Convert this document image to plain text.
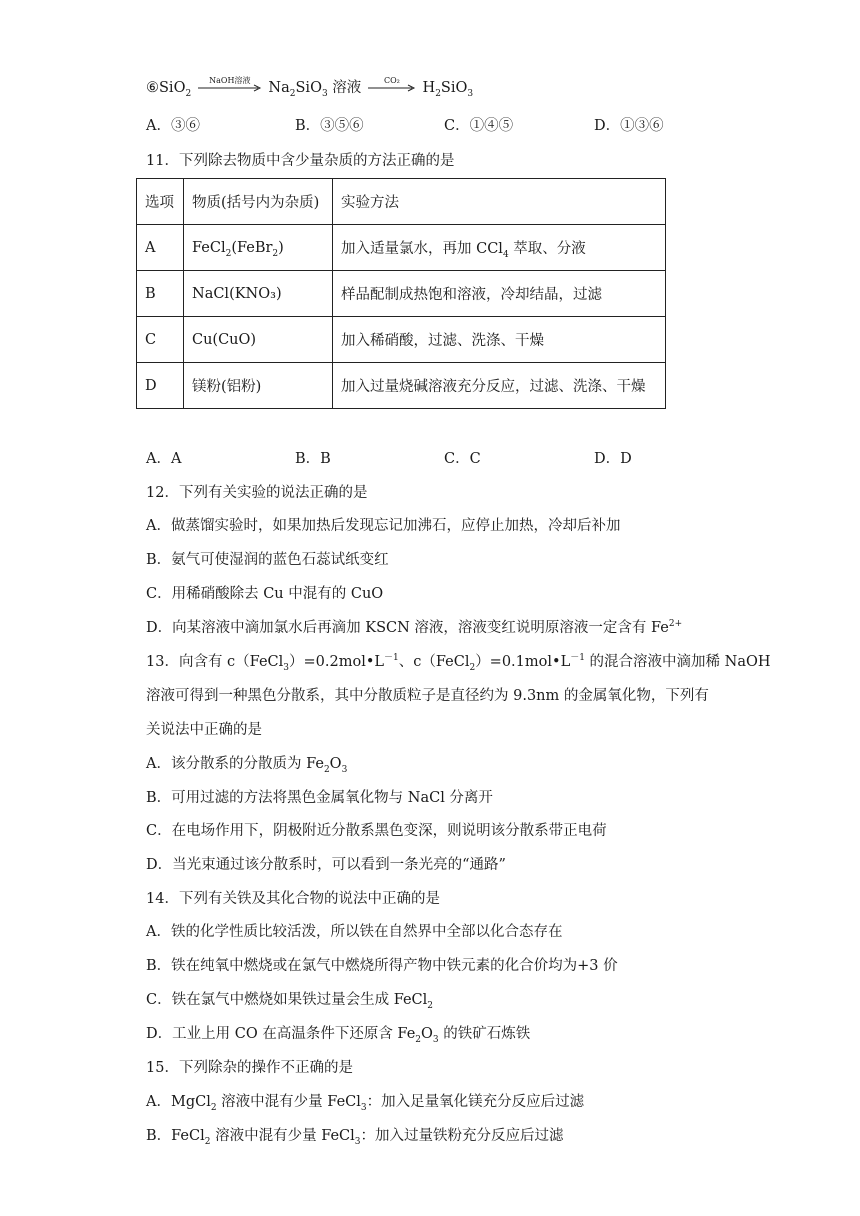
⑥SiO$_2$
NaOH溶液	$Na_2SiO_3$ 溶液	CO₂	$H_2SiO_3$
A．③⑥	B．③⑤⑥	C．①④⑤	D．①③⑥
11．下列除去物质中含少量杂质的方法正确的是
选项	物质(括号内为杂质)	实验方法
A	FeCl$_2$(FeBr$_2$)	加入适量氯水，再加 CCl$_4$ 萃取、分液
B	NaCl(KNO₃)	样品配制成热饱和溶液，冷却结晶，过滤
C	Cu(CuO)	加入稀硝酸，过滤、洗涤、干燥
D	镁粉(铝粉)	加入过量烧碱溶液充分反应，过滤、洗涤、干燥
A．A	B．B	C．C	D．D
12．下列有关实验的说法正确的是
A．做蒸馏实验时，如果加热后发现忘记加沸石，应停止加热，冷却后补加
B．氨气可使湿润的蓝色石蕊试纸变红
C．用稀硝酸除去 Cu 中混有的 CuO
D．向某溶液中滴加氯水后再滴加 KSCN 溶液，溶液变红说明原溶液一定含有 $Fe^{2+}$
13．向含有 $c(FeCl_3)=0.2mol•L^{-1}$、$c(FeCl_2)=0.1mol•L^{-1}$ 的混合溶液中滴加稀 NaOH
溶液可得到一种黑色分散系，其中分散质粒子是直径约为 9.3nm 的金属氧化物，下列有
关说法中正确的是
A．该分散系的分散质为 $Fe_2O_3$
B．可用过滤的方法将黑色金属氧化物与 NaCl 分离开
C．在电场作用下，阴极附近分散系黑色变深，则说明该分散系带正电荷
D．当光束通过该分散系时，可以看到一条光亮的“通路”
14．下列有关铁及其化合物的说法中正确的是
A．铁的化学性质比较活泼，所以铁在自然界中全部以化合态存在
B．铁在纯氧中燃烧或在氯气中燃烧所得产物中铁元素的化合价均为+3 价
C．铁在氯气中燃烧如果铁过量会生成 FeCl$_2$
D．工业上用 CO 在高温条件下还原含 $Fe_2O_3$ 的铁矿石炼铁
15．下列除杂的操作不正确的是
A．MgCl$_2$ 溶液中混有少量 FeCl$_3$：加入足量氧化镁充分反应后过滤
B．FeCl$_2$ 溶液中混有少量 FeCl$_3$：加入过量铁粉充分反应后过滤
